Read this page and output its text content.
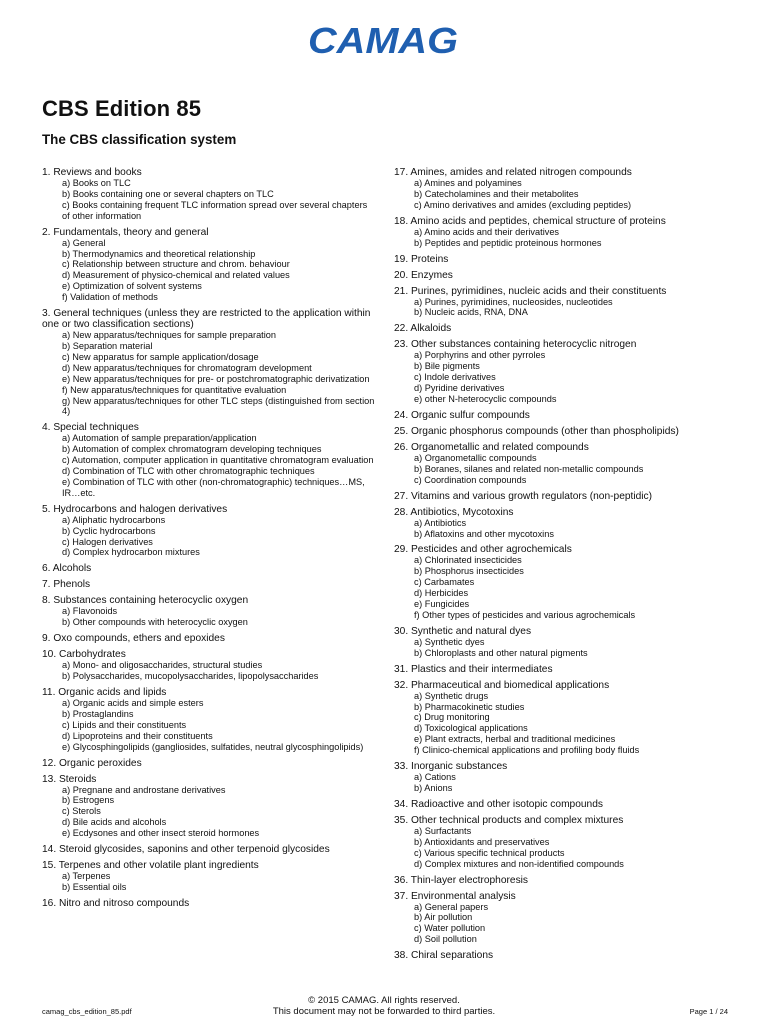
CAMAG
CBS Edition 85
The CBS classification system
1. Reviews and books
a) Books on TLC
b) Books containing one or several chapters on TLC
c) Books containing frequent TLC information spread over several chapters of other information
2. Fundamentals, theory and general
a) General
b) Thermodynamics and theoretical relationship
c) Relationship between structure and chrom. behaviour
d) Measurement of physico-chemical and related values
e) Optimization of solvent systems
f) Validation of methods
3. General techniques (unless they are restricted to the application within one or two classification sections)
a) New apparatus/techniques for sample preparation
b) Separation material
c) New apparatus for sample application/dosage
d) New apparatus/techniques for chromatogram development
e) New apparatus/techniques for pre- or postchromatographic derivatization
f) New apparatus/techniques for quantitative evaluation
g) New apparatus/techniques for other TLC steps (distinguished from section 4)
4. Special techniques
a) Automation of sample preparation/application
b) Automation of complex chromatogram developing techniques
c) Automation, computer application in quantitative chromatogram evaluation
d) Combination of TLC with other chromatographic techniques
e) Combination of TLC with other (non-chromatographic) techniques…MS, IR…etc.
5. Hydrocarbons and halogen derivatives
a) Aliphatic hydrocarbons
b) Cyclic hydrocarbons
c) Halogen derivatives
d) Complex hydrocarbon mixtures
6. Alcohols
7. Phenols
8. Substances containing heterocyclic oxygen
a) Flavonoids
b) Other compounds with heterocyclic oxygen
9. Oxo compounds, ethers and epoxides
10. Carbohydrates
a) Mono- and oligosaccharides, structural studies
b) Polysaccharides, mucopolysaccharides, lipopolysaccharides
11. Organic acids and lipids
a) Organic acids and simple esters
b) Prostaglandins
c) Lipids and their constituents
d) Lipoproteins and their constituents
e) Glycosphingolipids (gangliosides, sulfatides, neutral glycosphingolipids)
12. Organic peroxides
13. Steroids
a) Pregnane and androstane derivatives
b) Estrogens
c) Sterols
d) Bile acids and alcohols
e) Ecdysones and other insect steroid hormones
14. Steroid glycosides, saponins and other terpenoid glycosides
15. Terpenes and other volatile plant ingredients
a) Terpenes
b) Essential oils
16. Nitro and nitroso compounds
17. Amines, amides and related nitrogen compounds
a) Amines and polyamines
b) Catecholamines and their metabolites
c) Amino derivatives and amides (excluding peptides)
18. Amino acids and peptides, chemical structure of proteins
a) Amino acids and their derivatives
b) Peptides and peptidic proteinous hormones
19. Proteins
20. Enzymes
21. Purines, pyrimidines, nucleic acids and their constituents
a) Purines, pyrimidines, nucleosides, nucleotides
b) Nucleic acids, RNA, DNA
22. Alkaloids
23. Other substances containing heterocyclic nitrogen
a) Porphyrins and other pyrroles
b) Bile pigments
c) Indole derivatives
d) Pyridine derivatives
e) other N-heterocyclic compounds
24. Organic sulfur compounds
25. Organic phosphorus compounds (other than phospholipids)
26. Organometallic and related compounds
a) Organometallic compounds
b) Boranes, silanes and related non-metallic compounds
c) Coordination compounds
27. Vitamins and various growth regulators (non-peptidic)
28. Antibiotics, Mycotoxins
a) Antibiotics
b) Aflatoxins and other mycotoxins
29. Pesticides and other agrochemicals
a) Chlorinated insecticides
b) Phosphorus insecticides
c) Carbamates
d) Herbicides
e) Fungicides
f) Other types of pesticides and various agrochemicals
30. Synthetic and natural dyes
a) Synthetic dyes
b) Chloroplasts and other natural pigments
31. Plastics and their intermediates
32. Pharmaceutical and biomedical applications
a) Synthetic drugs
b) Pharmacokinetic studies
c) Drug monitoring
d) Toxicological applications
e) Plant extracts, herbal and traditional medicines
f) Clinico-chemical applications and profiling body fluids
33. Inorganic substances
a) Cations
b) Anions
34. Radioactive and other isotopic compounds
35. Other technical products and complex mixtures
a) Surfactants
b) Antioxidants and preservatives
c) Various specific technical products
d) Complex mixtures and non-identified compounds
36. Thin-layer electrophoresis
37. Environmental analysis
a) General papers
b) Air pollution
c) Water pollution
d) Soil pollution
38. Chiral separations
© 2015 CAMAG. All rights reserved.
This document may not be forwarded to third parties.
camag_cbs_edition_85.pdf	Page 1 / 24
